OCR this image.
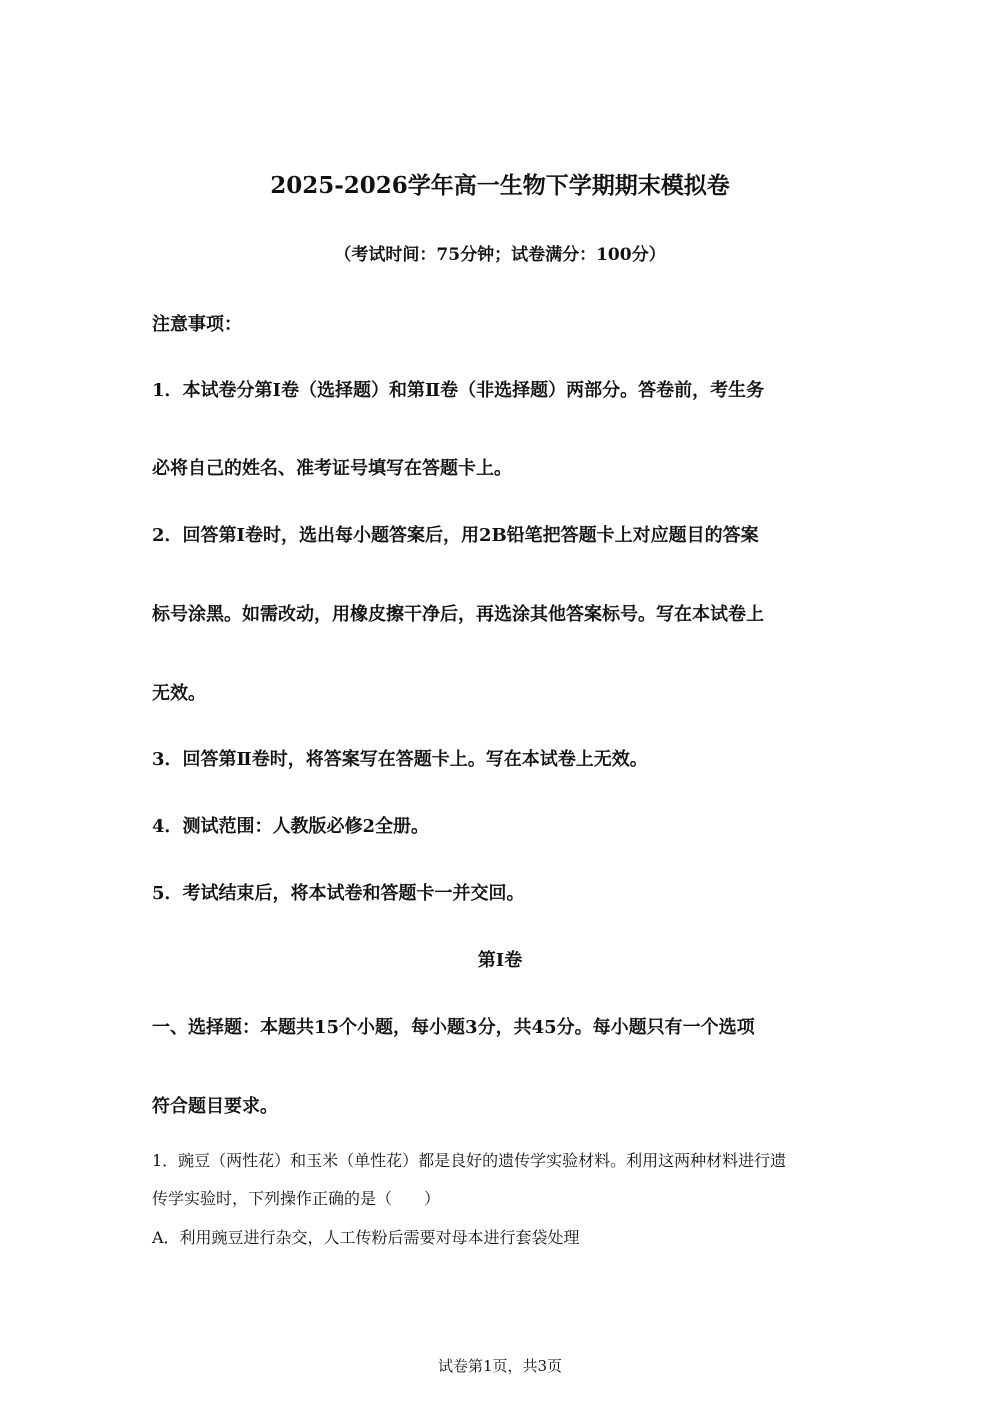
2025-2026学年高一生物下学期期末模拟卷
（考试时间：75分钟；试卷满分：100分）
注意事项：
1．本试卷分第Ⅰ卷（选择题）和第Ⅱ卷（非选择题）两部分。答卷前，考生务
必将自己的姓名、准考证号填写在答题卡上。
2．回答第Ⅰ卷时，选出每小题答案后，用2B铅笔把答题卡上对应题目的答案
标号涂黑。如需改动，用橡皮擦干净后，再选涂其他答案标号。写在本试卷上
无效。
3．回答第Ⅱ卷时，将答案写在答题卡上。写在本试卷上无效。
4．测试范围：人教版必修2全册。
5．考试结束后，将本试卷和答题卡一并交回。
第Ⅰ卷
一、选择题：本题共15个小题，每小题3分，共45分。每小题只有一个选项
符合题目要求。
1．豌豆（两性花）和玉米（单性花）都是良好的遗传学实验材料。利用这两种材料进行遗
传学实验时，下列操作正确的是（　　）
A．利用豌豆进行杂交，人工传粉后需要对母本进行套袋处理
试卷第1页，共3页
